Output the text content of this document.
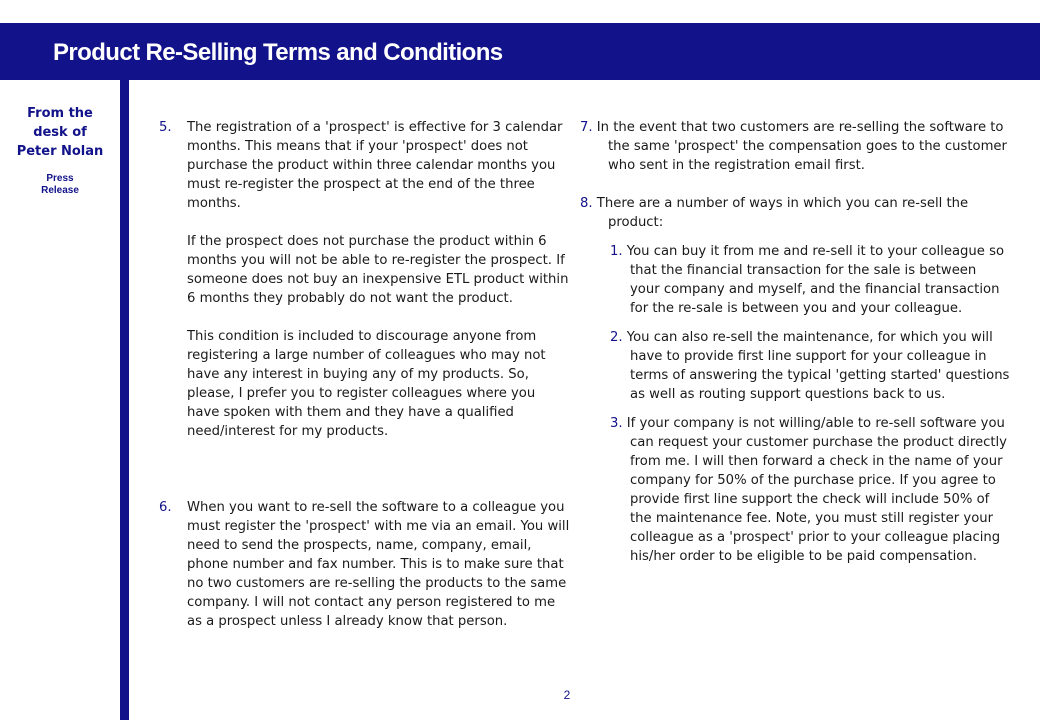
Product Re-Selling Terms and Conditions
From the
desk of
Peter Nolan
Press
Release
5. The registration of a 'prospect' is effective for 3 calendar months. This means that if your 'prospect' does not purchase the product within three calendar months you must re-register the prospect at the end of the three months.

If the prospect does not purchase the product within 6 months you will not be able to re-register the prospect. If someone does not buy an inexpensive ETL product within 6 months they probably do not want the product.

This condition is included to discourage anyone from registering a large number of colleagues who may not have any interest in buying any of my products. So, please, I prefer you to register colleagues where you have spoken with them and they have a qualified need/interest for my products.

6. When you want to re-sell the software to a colleague you must register the 'prospect' with me via an email. You will need to send the prospects, name, company, email, phone number and fax number. This is to make sure that no two customers are re-selling the products to the same company. I will not contact any person registered to me as a prospect unless I already know that person.

7. In the event that two customers are re-selling the software to the same 'prospect' the compensation goes to the customer who sent in the registration email first.

8. There are a number of ways in which you can re-sell the product:

1. You can buy it from me and re-sell it to your colleague so that the financial transaction for the sale is between your company and myself, and the financial transaction for the re-sale is between you and your colleague.

2. You can also re-sell the maintenance, for which you will have to provide first line support for your colleague in terms of answering the typical 'getting started' questions as well as routing support questions back to us.

3. If your company is not willing/able to re-sell software you can request your customer purchase the product directly from me. I will then forward a check in the name of your company for 50% of the purchase price. If you agree to provide first line support the check will include 50% of the maintenance fee. Note, you must still register your colleague as a 'prospect' prior to your colleague placing his/her order to be eligible to be paid compensation.

2
